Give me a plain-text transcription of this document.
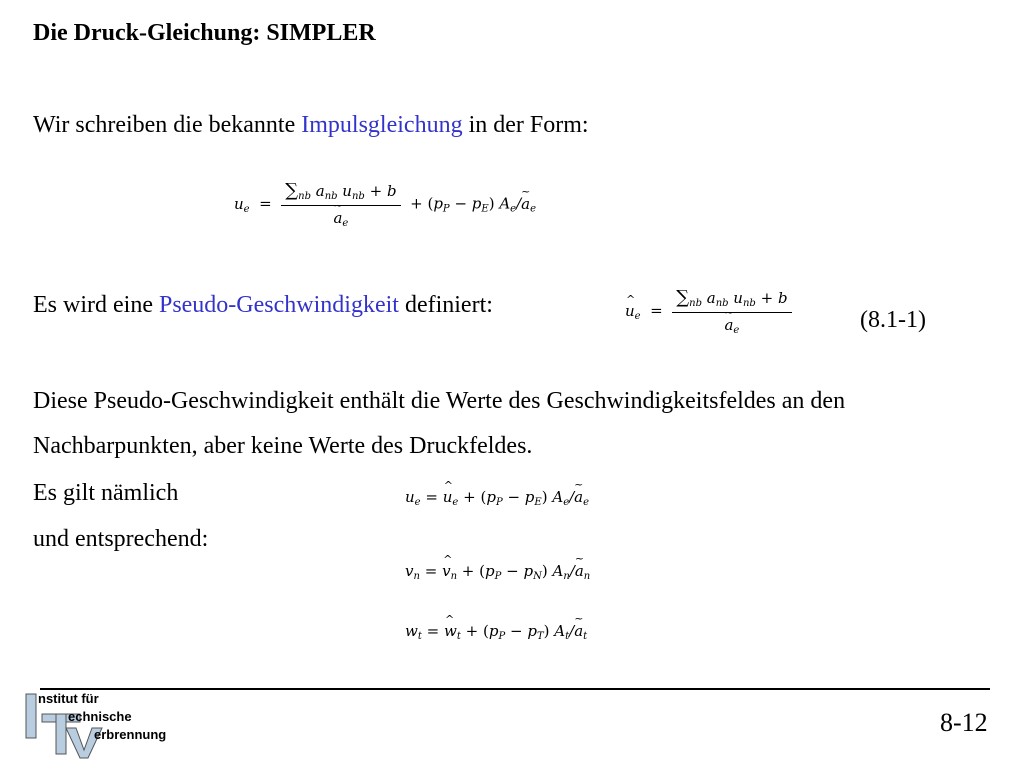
Die Druck-Gleichung: SIMPLER
Wir schreiben die bekannte Impulsgleichung in der Form:
$u_e = \sum_{nb}$ $a_{nb}$ $u_{nb} + b$
~ $a_e + (p_P - p_E)$ $A_e/\sim$ $a_e$
Es wird eine Pseudo-Geschwindigkeit definiert:	^ $u_e = \sum_{nb}$ $a_{nb}$ $u_{nb} + b$
~ $a_e$	(8.1-1)
Diese Pseudo-Geschwindigkeit enthält die Werte des Geschwindigkeitsfeldes an den
Nachbarpunkten, aber keine Werte des Druckfeldes.
Es gilt nämlich	$u_e$ = ^ $u_e + (p_P - p_E)$ $A_e/\sim$ $a_e$
und entsprechend:
$v_n$ = ^ $v_n + (p_P - p_N)$ $A_n/\sim$ $a_n$
$w_t$ = ^ $w_t + (p_P - p_T)$ $A_t/\sim$ $a_t$
nstitut für
echnische
erbrennung	8-12
